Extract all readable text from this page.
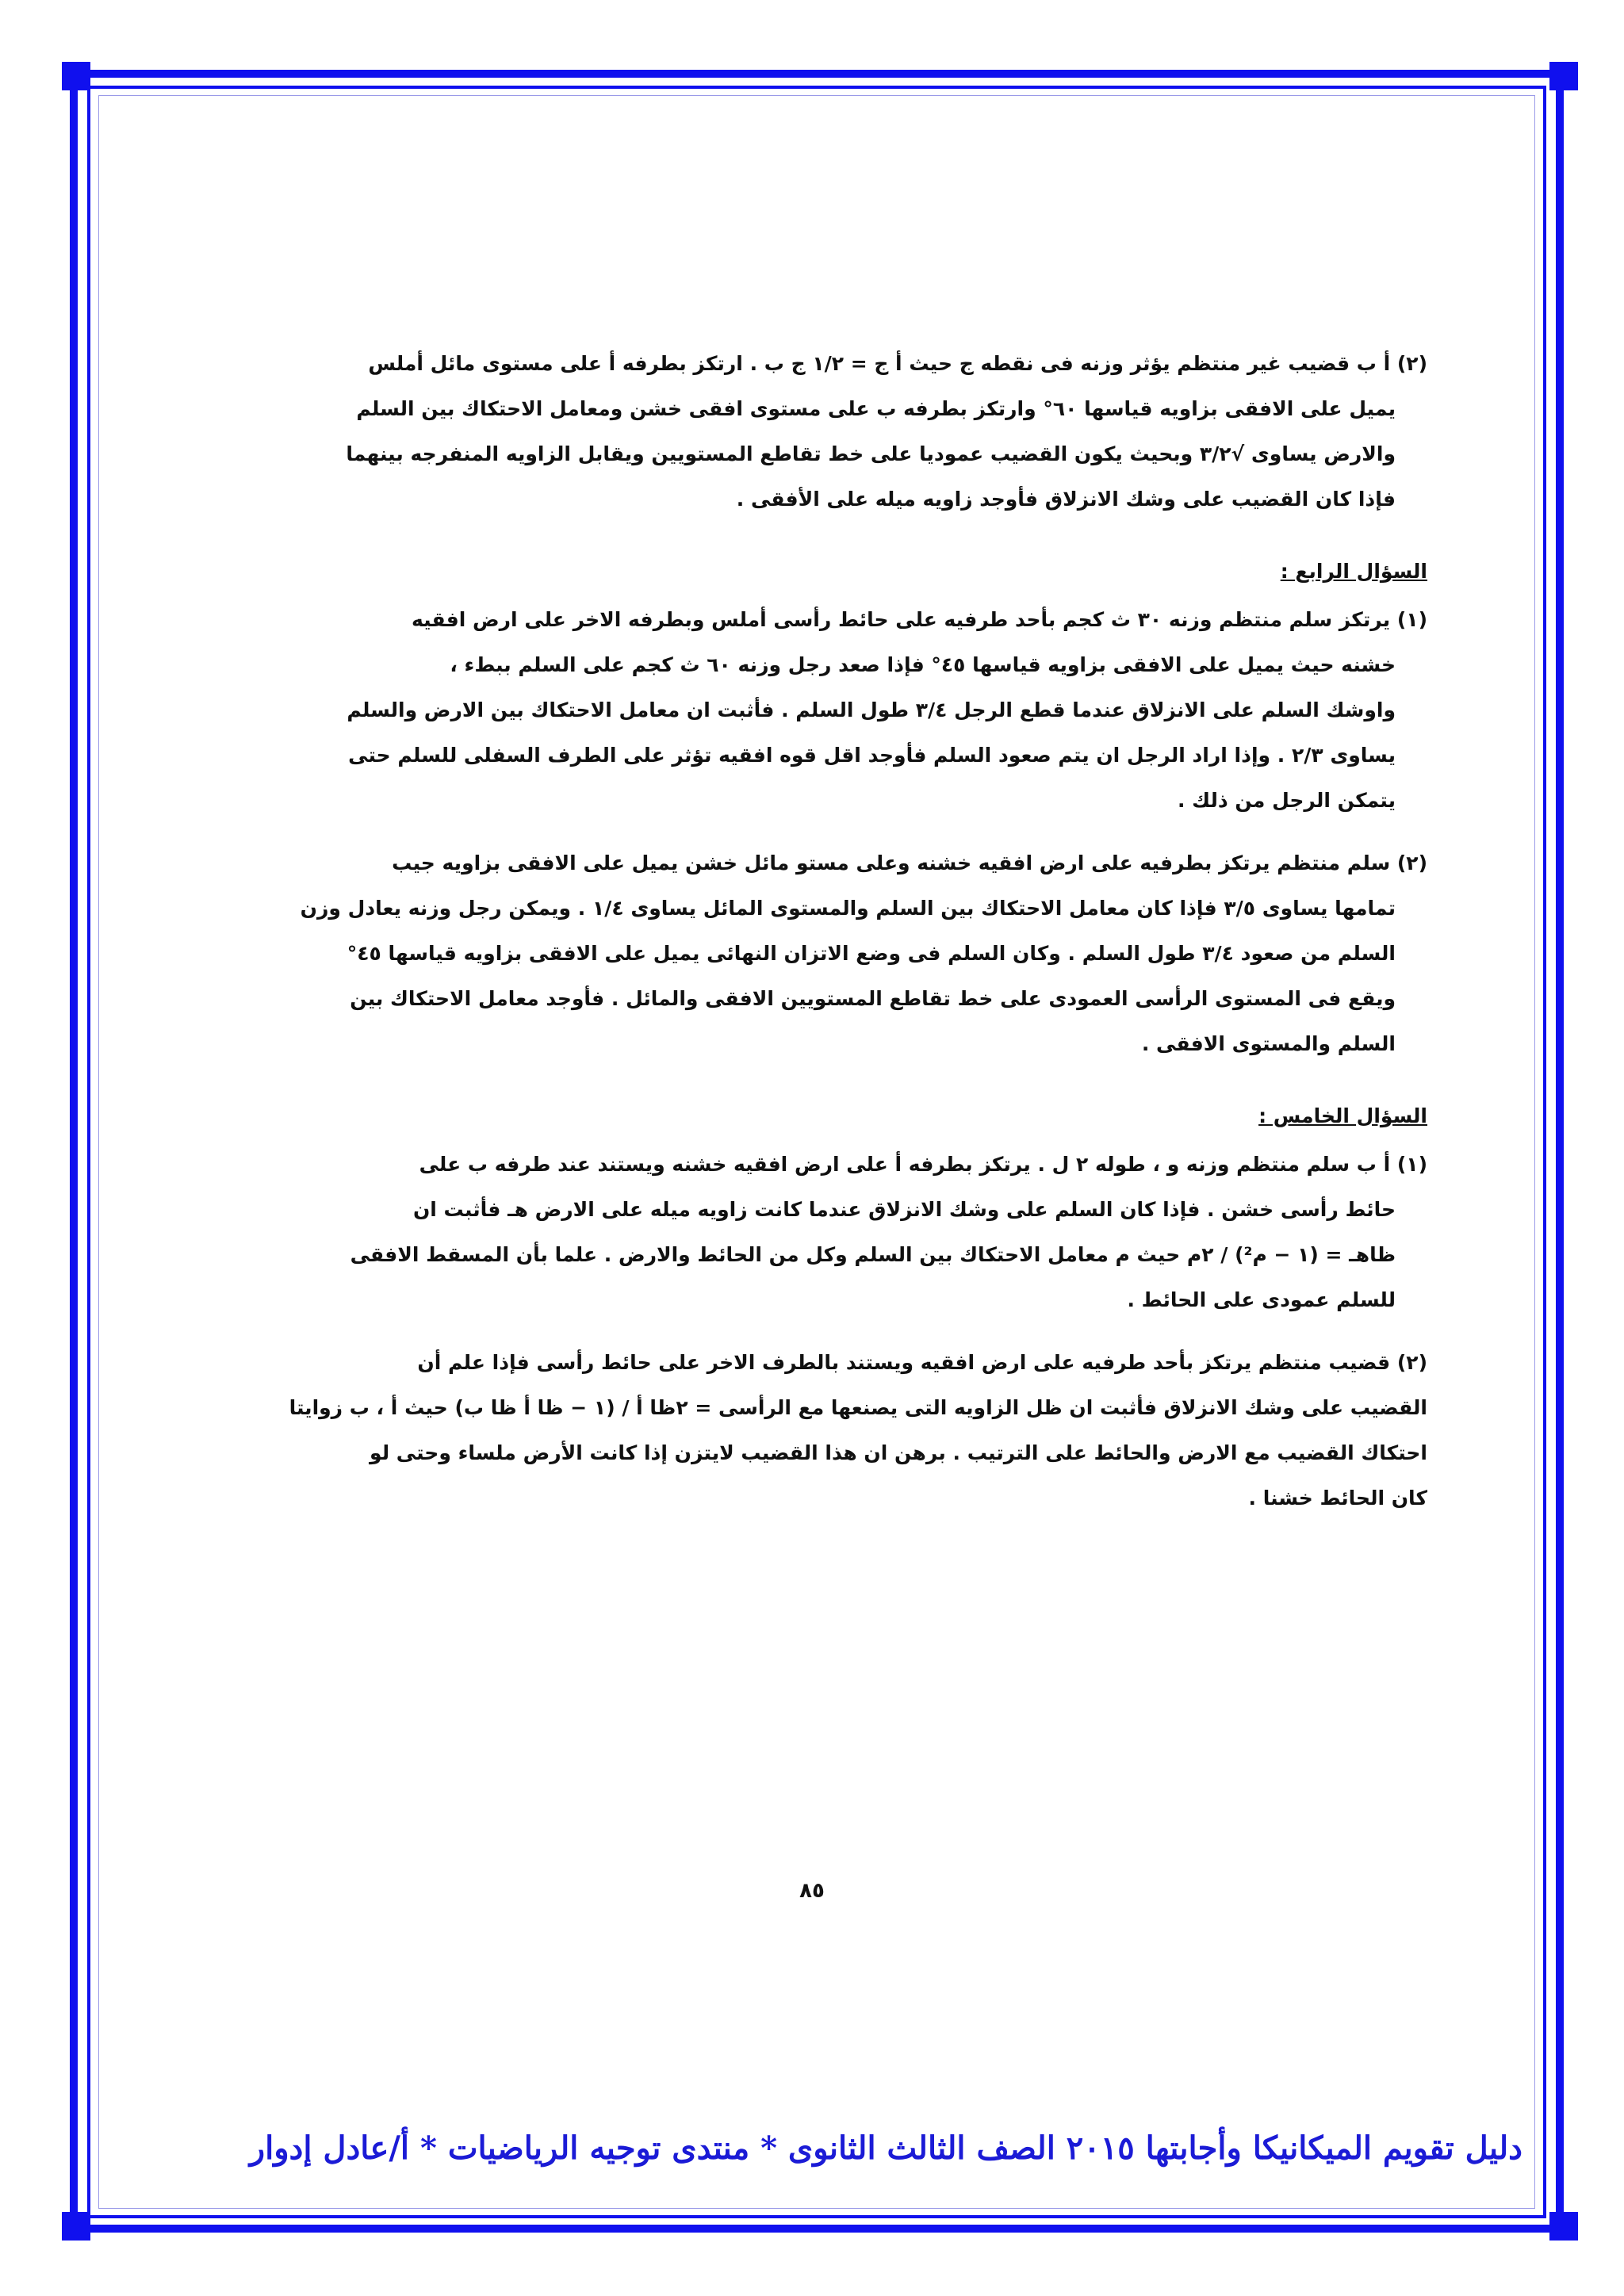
(٢) أ ب قضيب غير منتظم يؤثر وزنه فى نقطه ج حيث أ ج = ١/٢ ج ب . ارتكز بطرفه أ على مستوى مائل أملس
يميل على الافقى بزاويه قياسها ٦٠° وارتكز بطرفه ب على مستوى افقى خشن ومعامل الاحتكاك بين السلم
والارض يساوى √٣/٢ وبحيث يكون القضيب عموديا على خط تقاطع المستويين ويقابل الزاويه المنفرجه بينهما
فإذا كان القضيب على وشك الانزلاق فأوجد زاويه ميله على الأفقى .
السؤال الرابع :
(١) يرتكز سلم منتظم وزنه ٣٠ ث كجم بأحد طرفيه على حائط رأسى أملس وبطرفه الاخر على ارض افقيه
خشنه حيث يميل على الافقى بزاويه قياسها ٤٥° فإذا صعد رجل وزنه ٦٠ ث كجم على السلم ببطء ،
واوشك السلم على الانزلاق عندما قطع الرجل ٣/٤ طول السلم . فأثبت ان معامل الاحتكاك بين الارض والسلم
يساوى ٢/٣ . وإذا اراد الرجل ان يتم صعود السلم فأوجد اقل قوه افقيه تؤثر على الطرف السفلى للسلم حتى
يتمكن الرجل من ذلك .
(٢) سلم منتظم يرتكز بطرفيه على ارض افقيه خشنه وعلى مستو مائل خشن يميل على الافقى بزاويه جيب
تمامها يساوى ٣/٥ فإذا كان معامل الاحتكاك بين السلم والمستوى المائل يساوى ١/٤ . ويمكن رجل وزنه يعادل وزن
السلم من صعود ٣/٤ طول السلم . وكان السلم فى وضع الاتزان النهائى يميل على الافقى بزاويه قياسها ٤٥°
ويقع فى المستوى الرأسى العمودى على خط تقاطع المستويين الافقى والمائل . فأوجد معامل الاحتكاك بين
السلم والمستوى الافقى .
السؤال الخامس :
(١) أ ب سلم منتظم وزنه و ، طوله ٢ ل . يرتكز بطرفه أ على ارض افقيه خشنه ويستند عند طرفه ب على
حائط رأسى خشن . فإذا كان السلم على وشك الانزلاق عندما كانت زاويه ميله على الارض هـ فأثبت ان
ظاهـ = (١ − م²) / ٢م حيث م معامل الاحتكاك بين السلم وكل من الحائط والارض . علما بأن المسقط الافقى
للسلم عمودى على الحائط .
(٢) قضيب منتظم يرتكز بأحد طرفيه على ارض افقيه ويستند بالطرف الاخر على حائط رأسى فإذا علم أن
القضيب على وشك الانزلاق فأثبت ان ظل الزاويه التى يصنعها مع الرأسى = ٢ظا أ / (١ − ظا أ ظا ب) حيث أ ، ب زوايتا
احتكاك القضيب مع الارض والحائط على الترتيب . برهن ان هذا القضيب لايتزن إذا كانت الأرض ملساء وحتى لو
كان الحائط خشنا .
٨٥
دليل تقويم الميكانيكا وأجابتها ٢٠١٥ الصف الثالث الثانوى * منتدى توجيه الرياضيات * أ/عادل إدوار
